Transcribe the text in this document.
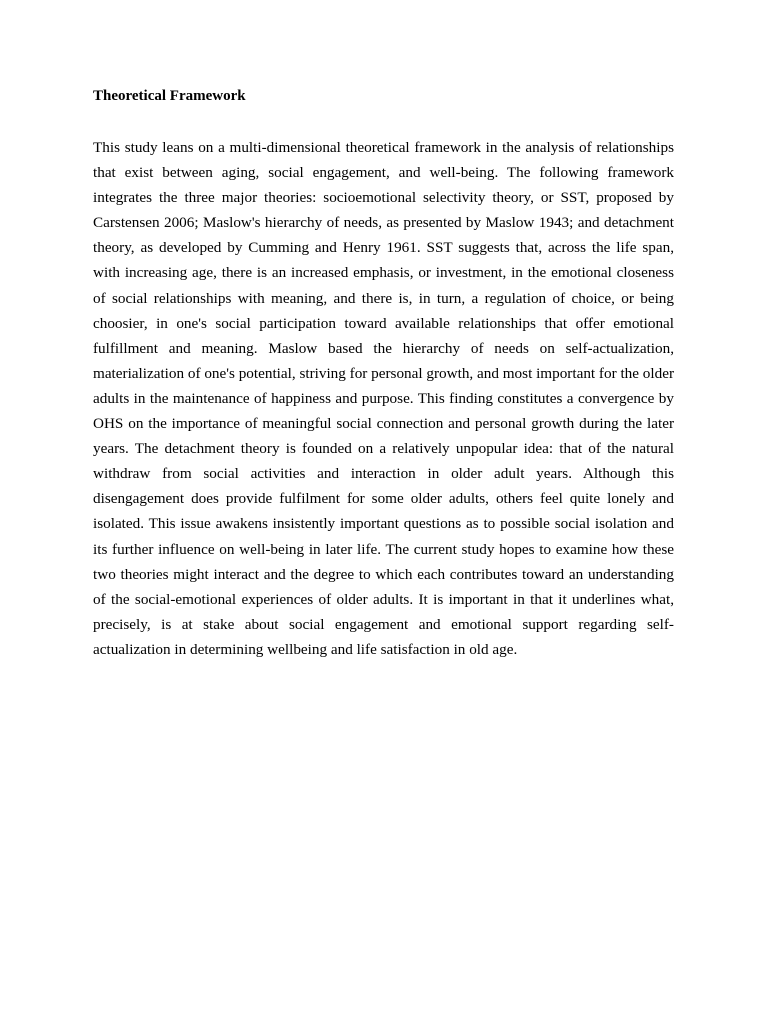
Theoretical Framework

This study leans on a multi-dimensional theoretical framework in the analysis of relationships that exist between aging, social engagement, and well-being. The following framework integrates the three major theories: socioemotional selectivity theory, or SST, proposed by Carstensen 2006; Maslow's hierarchy of needs, as presented by Maslow 1943; and detachment theory, as developed by Cumming and Henry 1961. SST suggests that, across the life span, with increasing age, there is an increased emphasis, or investment, in the emotional closeness of social relationships with meaning, and there is, in turn, a regulation of choice, or being choosier, in one's social participation toward available relationships that offer emotional fulfillment and meaning. Maslow based the hierarchy of needs on self-actualization, materialization of one's potential, striving for personal growth, and most important for the older adults in the maintenance of happiness and purpose. This finding constitutes a convergence by OHS on the importance of meaningful social connection and personal growth during the later years. The detachment theory is founded on a relatively unpopular idea: that of the natural withdraw from social activities and interaction in older adult years. Although this disengagement does provide fulfilment for some older adults, others feel quite lonely and isolated. This issue awakens insistently important questions as to possible social isolation and its further influence on well-being in later life. The current study hopes to examine how these two theories might interact and the degree to which each contributes toward an understanding of the social-emotional experiences of older adults. It is important in that it underlines what, precisely, is at stake about social engagement and emotional support regarding self-actualization in determining wellbeing and life satisfaction in old age.
